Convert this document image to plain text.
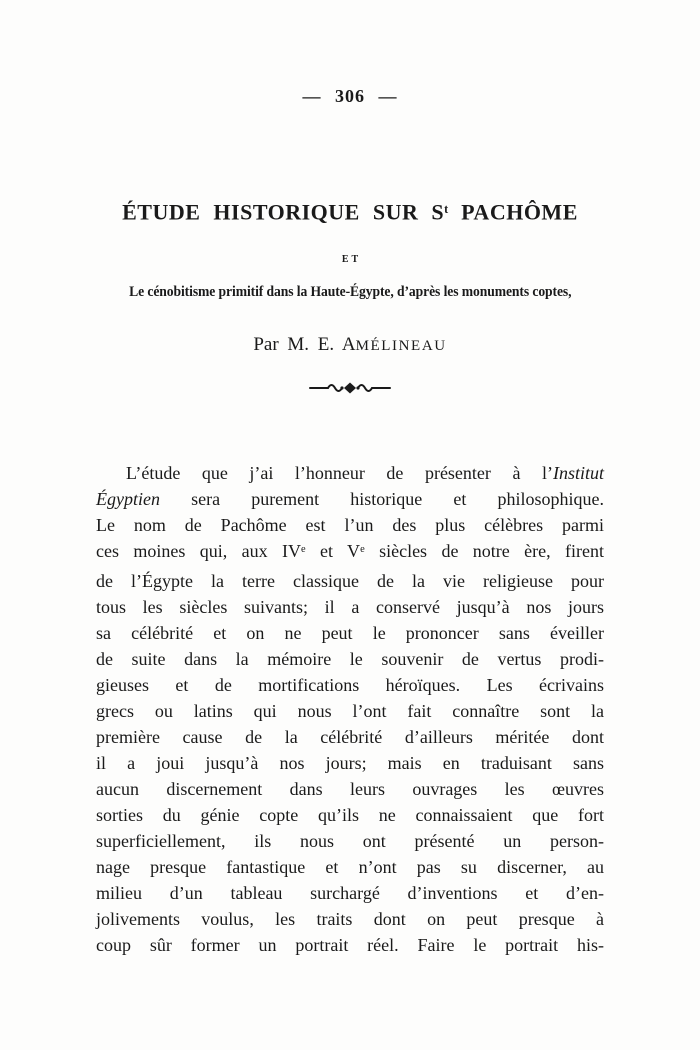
— 306 —
ÉTUDE HISTORIQUE SUR $S^t$ PACHÔME
ET
Le cénobitisme primitif dans la Haute-Égypte, d’après les monuments coptes,
Par M. E. AMÉLINEAU
L’étude que j’ai l’honneur de présenter à l’Institut
Égyptien sera purement historique et philosophique.
Le nom de Pachôme est l’un des plus célèbres parmi
ces moines qui, aux IVe et Ve siècles de notre ère, firent
de l’Égypte la terre classique de la vie religieuse pour
tous les siècles suivants; il a conservé jusqu’à nos jours
sa célébrité et on ne peut le prononcer sans éveiller
de suite dans la mémoire le souvenir de vertus prodi-
gieuses et de mortifications héroïques. Les écrivains
grecs ou latins qui nous l’ont fait connaître sont la
première cause de la célébrité d’ailleurs méritée dont
il a joui jusqu’à nos jours; mais en traduisant sans
aucun discernement dans leurs ouvrages les œuvres
sorties du génie copte qu’ils ne connaissaient que fort
superficiellement, ils nous ont présenté un person-
nage presque fantastique et n’ont pas su discerner, au
milieu d’un tableau surchargé d’inventions et d’en-
jolivements voulus, les traits dont on peut presque à
coup sûr former un portrait réel. Faire le portrait his-
